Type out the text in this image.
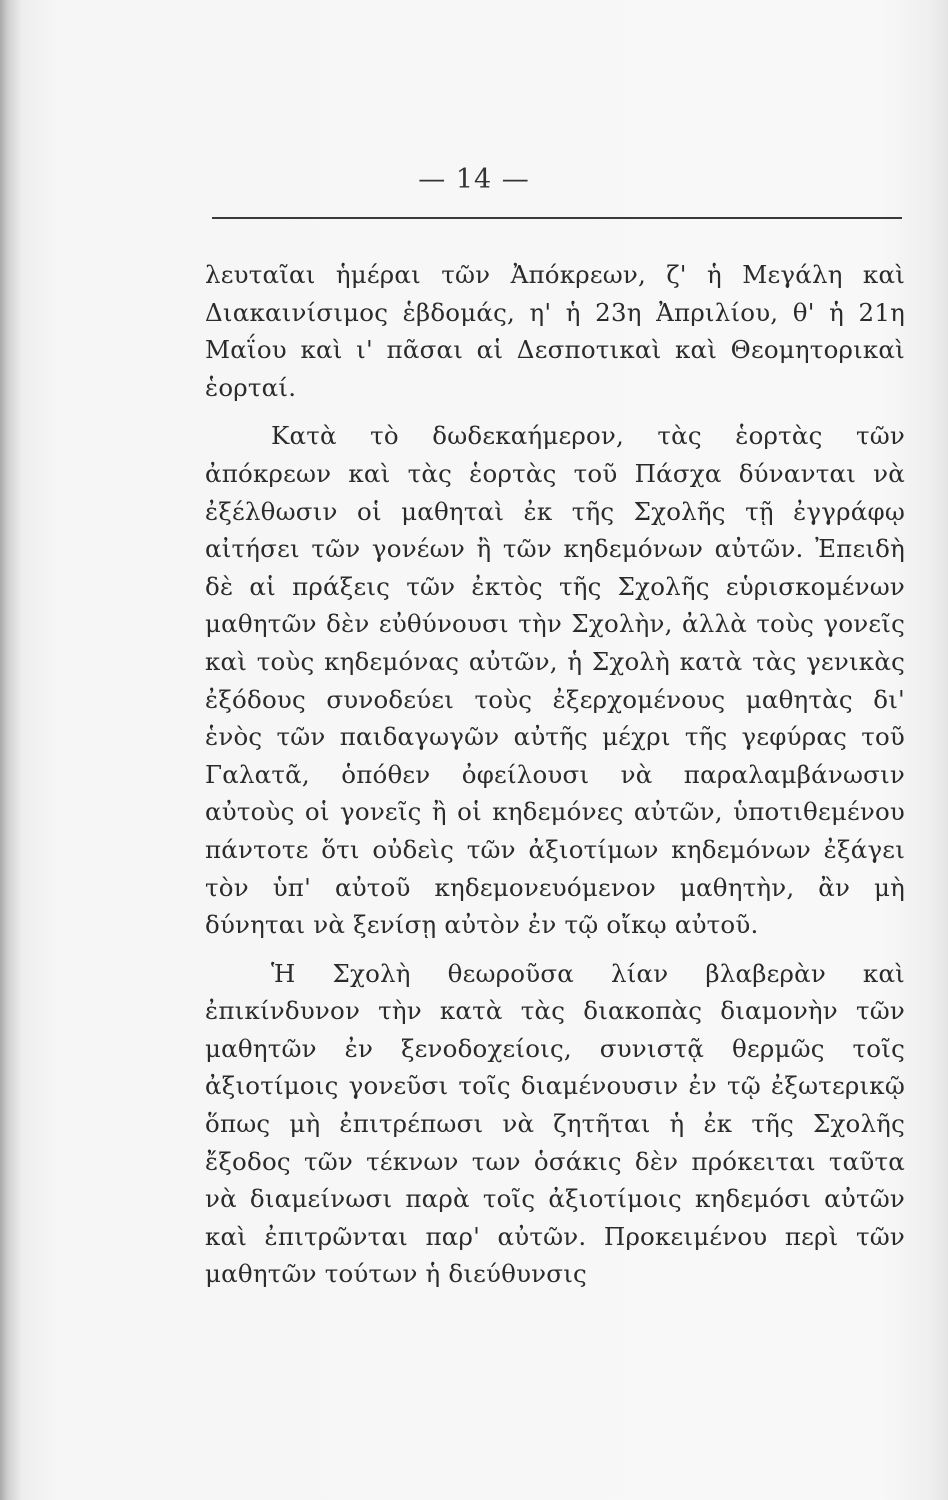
— 14 —

λευταῖαι ἡμέραι τῶν Ἀπόκρεων, ζ' ἡ Μεγάλη καὶ Διακαινίσιμος ἑβδομάς, η' ἡ 23η Ἀπριλίου, θ' ἡ 21η Μαΐου καὶ ι' πᾶσαι αἱ Δεσποτικαὶ καὶ Θεομητορικαὶ ἑορταί.

Κατὰ τὸ δωδεκαήμερον, τὰς ἑορτὰς τῶν ἀπόκρεων καὶ τὰς ἑορτὰς τοῦ Πάσχα δύνανται νὰ ἐξέλθωσιν οἱ μαθηταὶ ἐκ τῆς Σχολῆς τῇ ἐγγράφῳ αἰτήσει τῶν γονέων ἢ τῶν κηδεμόνων αὐτῶν. Ἐπειδὴ δὲ αἱ πράξεις τῶν ἐκτὸς τῆς Σχολῆς εὑρισκομένων μαθητῶν δὲν εὐθύνουσι τὴν Σχολὴν, ἀλλὰ τοὺς γονεῖς καὶ τοὺς κηδεμόνας αὐτῶν, ἡ Σχολὴ κατὰ τὰς γενικὰς ἐξόδους συνοδεύει τοὺς ἐξερχομένους μαθητὰς δι' ἑνὸς τῶν παιδαγωγῶν αὐτῆς μέχρι τῆς γεφύρας τοῦ Γαλατᾶ, ὁπόθεν ὀφείλουσι νὰ παραλαμβάνωσιν αὐτοὺς οἱ γονεῖς ἢ οἱ κηδεμόνες αὐτῶν, ὑποτιθεμένου πάντοτε ὅτι οὐδεὶς τῶν ἀξιοτίμων κηδεμόνων ἐξάγει τὸν ὑπ' αὐτοῦ κηδεμονευόμενον μαθητὴν, ἂν μὴ δύνηται νὰ ξενίσῃ αὐτὸν ἐν τῷ οἴκῳ αὐτοῦ.

Ἡ Σχολὴ θεωροῦσα λίαν βλαβερὰν καὶ ἐπικίνδυνον τὴν κατὰ τὰς διακοπὰς διαμονὴν τῶν μαθητῶν ἐν ξενοδοχείοις, συνιστᾷ θερμῶς τοῖς ἀξιοτίμοις γονεῦσι τοῖς διαμένουσιν ἐν τῷ ἐξωτερικῷ ὅπως μὴ ἐπιτρέπωσι νὰ ζητῆται ἡ ἐκ τῆς Σχολῆς ἔξοδος τῶν τέκνων των ὁσάκις δὲν πρόκειται ταῦτα νὰ διαμείνωσι παρὰ τοῖς ἀξιοτίμοις κηδεμόσι αὐτῶν καὶ ἐπιτρῶνται παρ' αὐτῶν. Προκειμένου περὶ τῶν μαθητῶν τούτων ἡ διεύθυνσις
